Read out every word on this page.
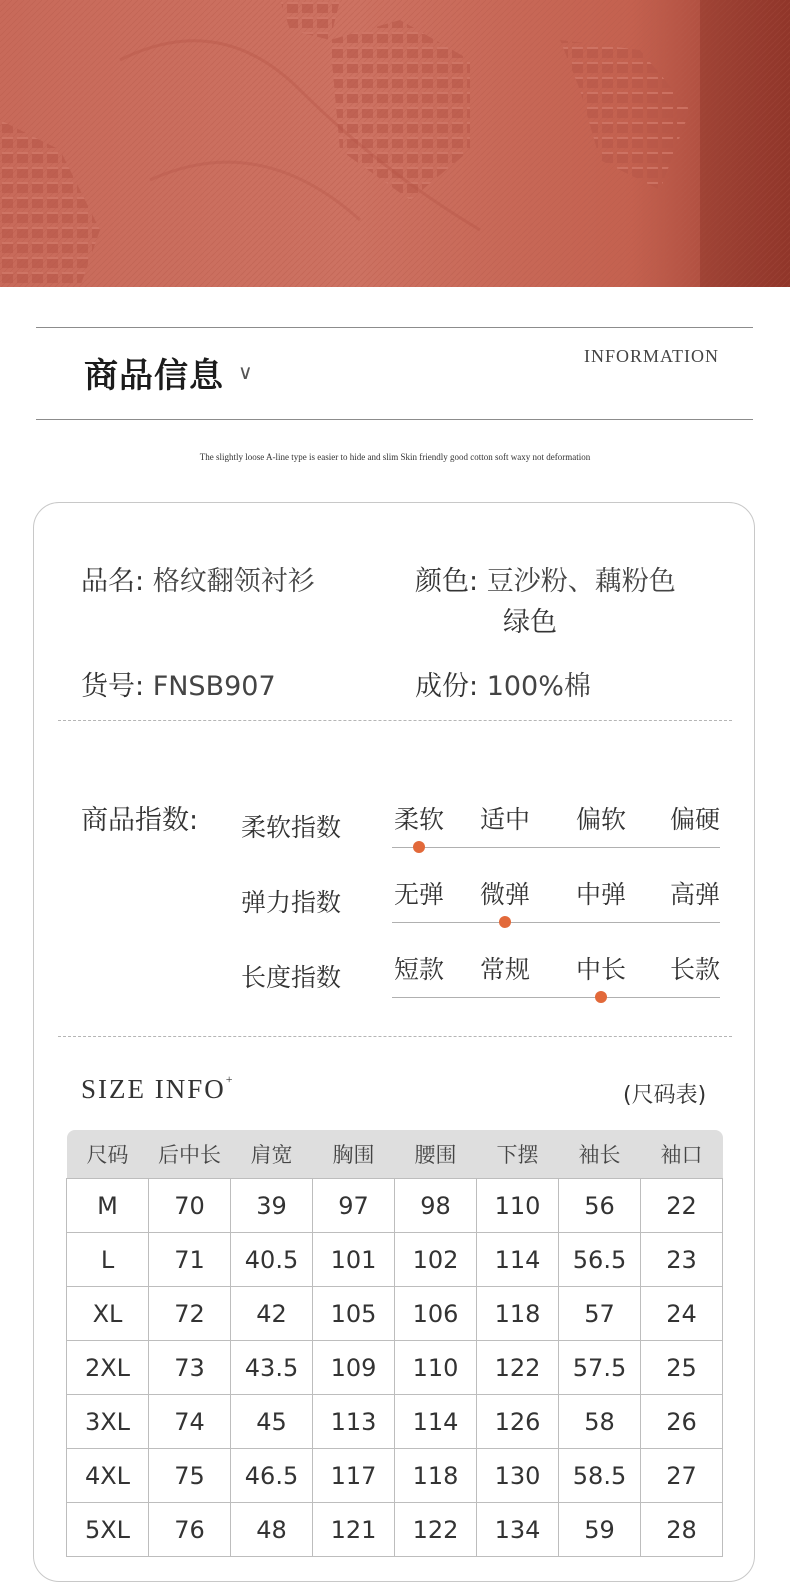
商品信息 ∨
INFORMATION
The slightly loose A-line type is easier to hide and slim Skin friendly good cotton soft waxy not deformation
品名: 格纹翻领衬衫	颜色: 豆沙粉、藕粉色
绿色
货号: FNSB907	成份: 100%棉
商品指数: 柔软指数 柔软 适中 偏软 偏硬
弹力指数 无弹 微弹 中弹 高弹
长度指数 短款 常规 中长 长款
SIZE INFO+
(尺码表)
尺码	后中长	肩宽	胸围	腰围	下摆	袖长	袖口
M	70	39	97	98	110	56	22
L	71	40.5	101	102	114	56.5	23
XL	72	42	105	106	118	57	24
2XL	73	43.5	109	110	122	57.5	25
3XL	74	45	113	114	126	58	26
4XL	75	46.5	117	118	130	58.5	27
5XL	76	48	121	122	134	59	28
